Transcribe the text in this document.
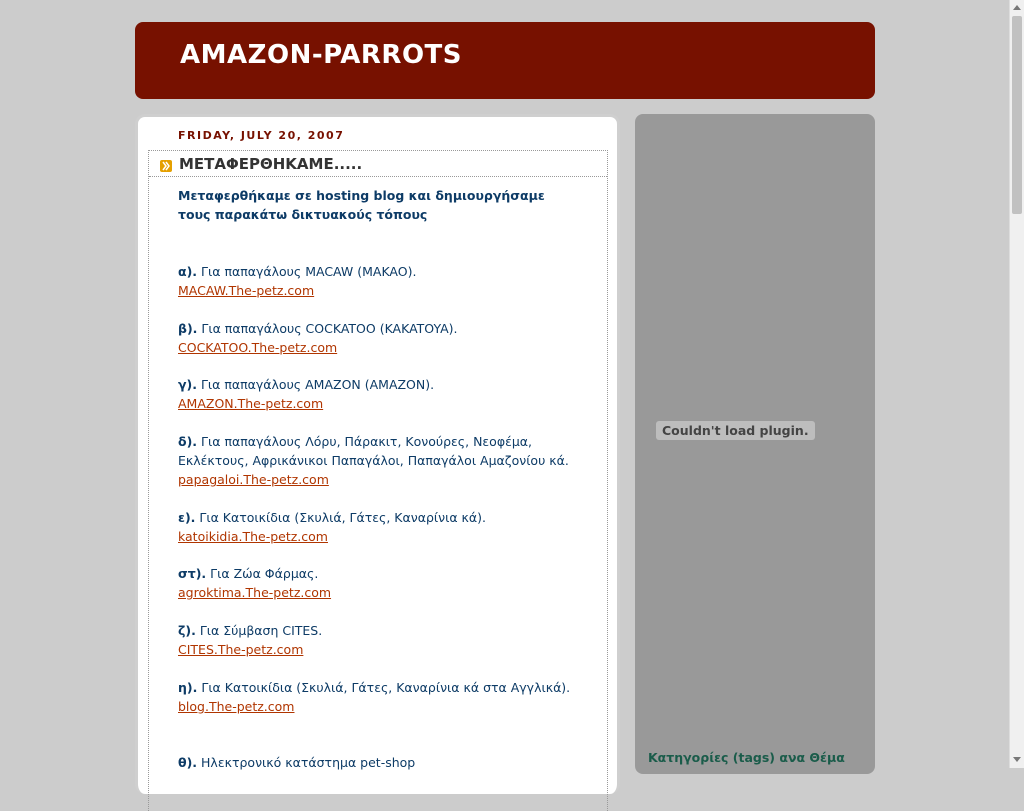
AMAZON-PARROTS
FRIDAY, JULY 20, 2007
ΜΕΤΑΦΕΡΘΗΚΑΜΕ.....

Μεταφερθήκαμε σε hosting blog και δημιουργήσαμε τους παρακάτω δικτυακούς τόπους

α). Για παπαγάλους MACAW (MAKAO).
MACAW.The-petz.com
β). Για παπαγάλους COCKATOO (KAKATOYA).
COCKATOO.The-petz.com
γ). Για παπαγάλους AMAZON (AMAZON).
AMAZON.The-petz.com
δ). Για παπαγάλους Λόρυ, Πάρακιτ, Κονούρες, Νεοφέμα, Εκλέκτους, Αφρικάνικοι Παπαγάλοι, Παπαγάλοι Αμαζονίου κά.
papagaloi.The-petz.com
ε). Για Κατοικίδια (Σκυλιά, Γάτες, Καναρίνια κά).
katoikidia.The-petz.com
στ). Για Ζώα Φάρμας.
agroktima.The-petz.com
ζ). Για Σύμβαση CITES.
CITES.The-petz.com
η). Για Κατοικίδια (Σκυλιά, Γάτες, Καναρίνια κά στα Αγγλικά).
blog.The-petz.com
θ). Ηλεκτρονικό κατάστημα pet-shop
Couldn't load plugin.
Κατηγορίες (tags) ανα Θέμα
